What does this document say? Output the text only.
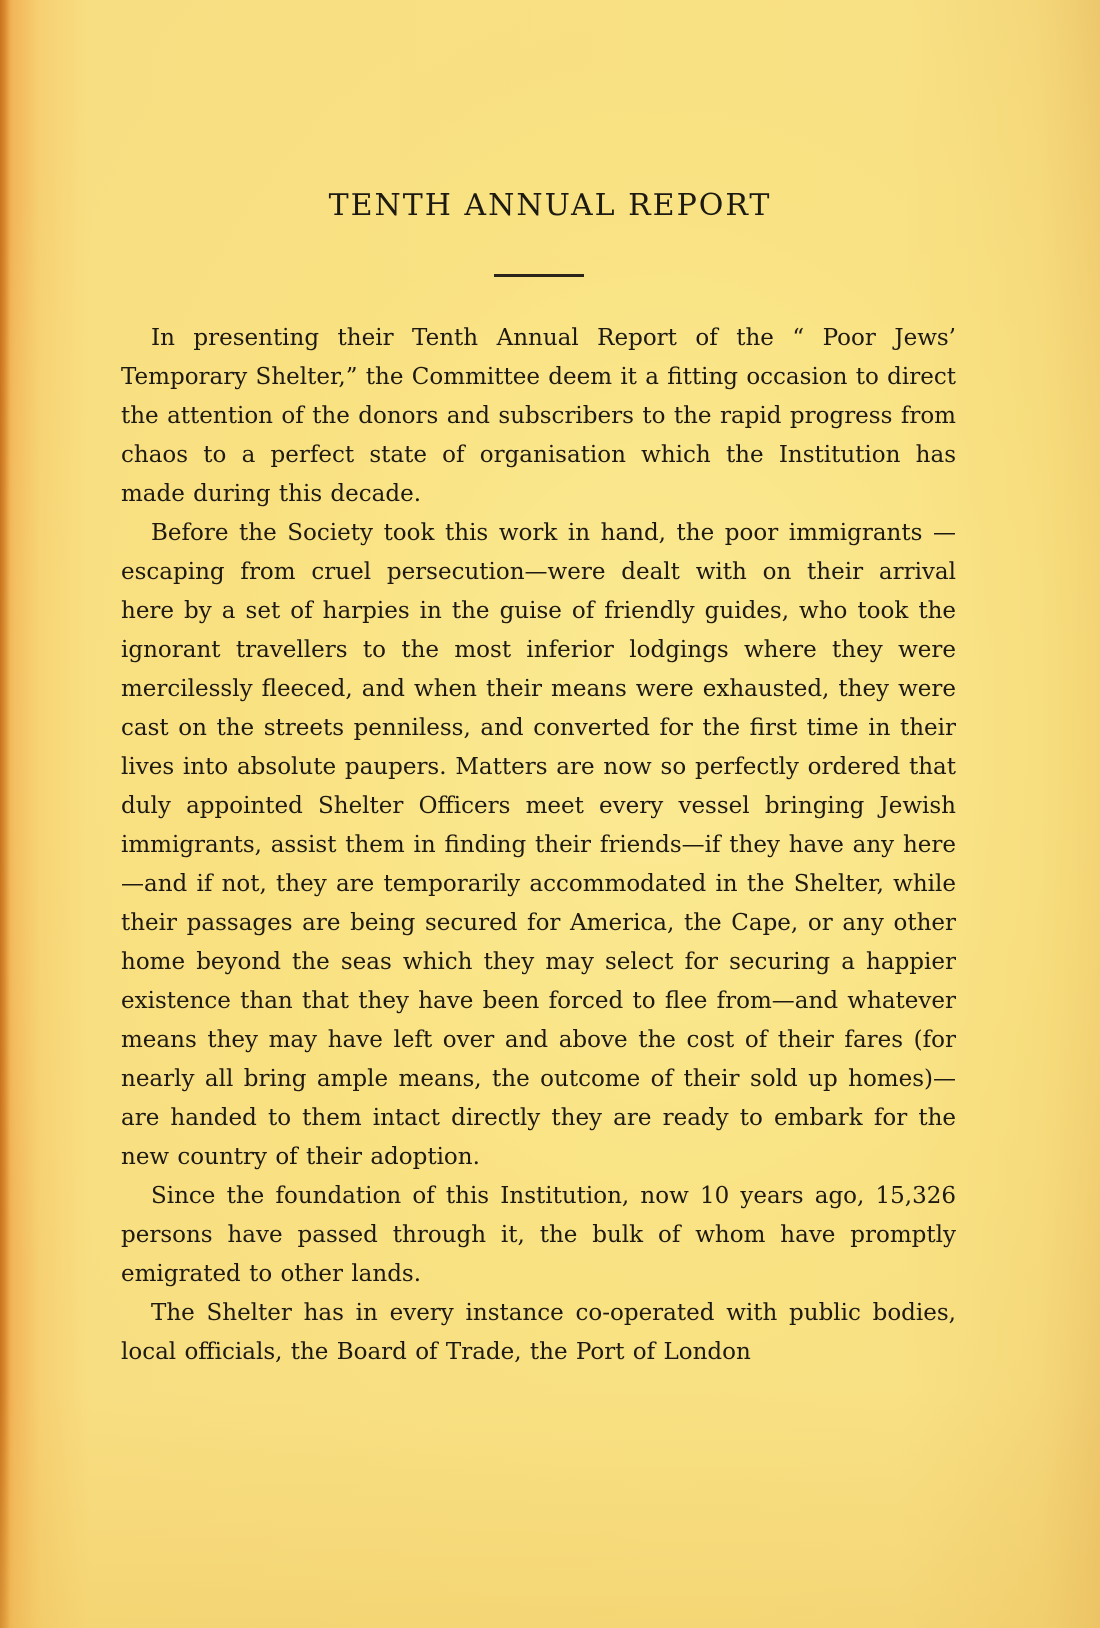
TENTH ANNUAL REPORT

In presenting their Tenth Annual Report of the “ Poor Jews’ Temporary Shelter,” the Committee deem it a fitting occasion to direct the attention of the donors and subscribers to the rapid progress from chaos to a perfect state of organisation which the Institution has made during this decade.

Before the Society took this work in hand, the poor immigrants —escaping from cruel persecution—were dealt with on their arrival here by a set of harpies in the guise of friendly guides, who took the ignorant travellers to the most inferior lodgings where they were mercilessly fleeced, and when their means were exhausted, they were cast on the streets penniless, and converted for the first time in their lives into absolute paupers. Matters are now so perfectly ordered that duly appointed Shelter Officers meet every vessel bringing Jewish immigrants, assist them in finding their friends—if they have any here—and if not, they are temporarily accommodated in the Shelter, while their passages are being secured for America, the Cape, or any other home beyond the seas which they may select for securing a happier existence than that they have been forced to flee from—and whatever means they may have left over and above the cost of their fares (for nearly all bring ample means, the outcome of their sold up homes)—are handed to them intact directly they are ready to embark for the new country of their adoption.

Since the foundation of this Institution, now 10 years ago, 15,326 persons have passed through it, the bulk of whom have promptly emigrated to other lands.

The Shelter has in every instance co-operated with public bodies, local officials, the Board of Trade, the Port of London
